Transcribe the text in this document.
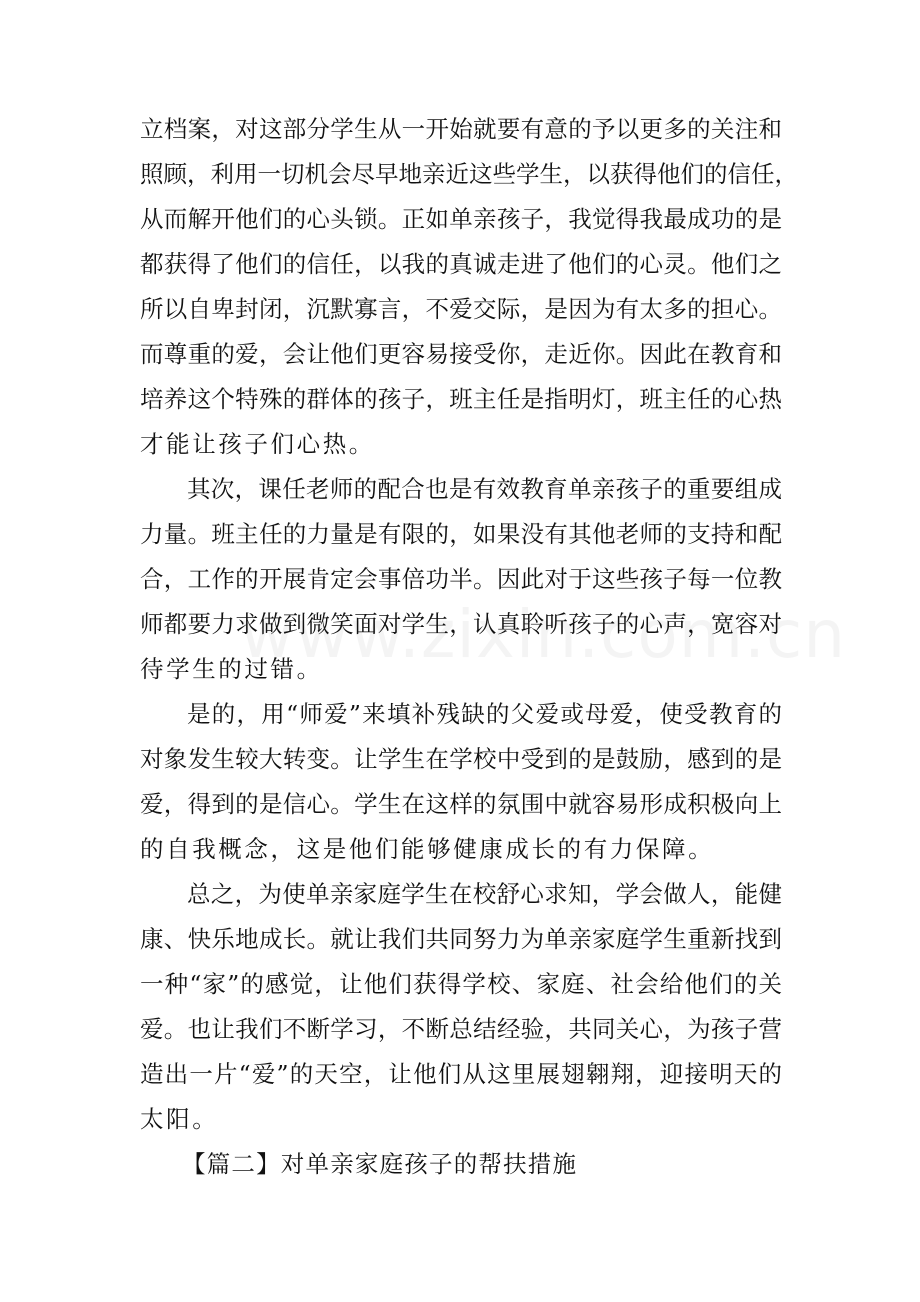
立档案，对这部分学生从一开始就要有意的予以更多的关注和
照顾，利用一切机会尽早地亲近这些学生，以获得他们的信任，
从而解开他们的心头锁。正如单亲孩子，我觉得我最成功的是
都获得了他们的信任，以我的真诚走进了他们的心灵。他们之
所以自卑封闭，沉默寡言，不爱交际，是因为有太多的担心。
而尊重的爱，会让他们更容易接受你，走近你。因此在教育和
培养这个特殊的群体的孩子，班主任是指明灯，班主任的心热
才能让孩子们心热。
其次，课任老师的配合也是有效教育单亲孩子的重要组成
力量。班主任的力量是有限的，如果没有其他老师的支持和配
合，工作的开展肯定会事倍功半。因此对于这些孩子每一位教
师都要力求做到微笑面对学生，认真聆听孩子的心声，宽容对
待学生的过错。
是的，用“师爱”来填补残缺的父爱或母爱，使受教育的
对象发生较大转变。让学生在学校中受到的是鼓励，感到的是
爱，得到的是信心。学生在这样的氛围中就容易形成积极向上
的自我概念，这是他们能够健康成长的有力保障。
总之，为使单亲家庭学生在校舒心求知，学会做人，能健
康、快乐地成长。就让我们共同努力为单亲家庭学生重新找到
一种“家”的感觉，让他们获得学校、家庭、社会给他们的关
爱。也让我们不断学习，不断总结经验，共同关心，为孩子营
造出一片“爱”的天空，让他们从这里展翅翱翔，迎接明天的
太阳。
【篇二】对单亲家庭孩子的帮扶措施
